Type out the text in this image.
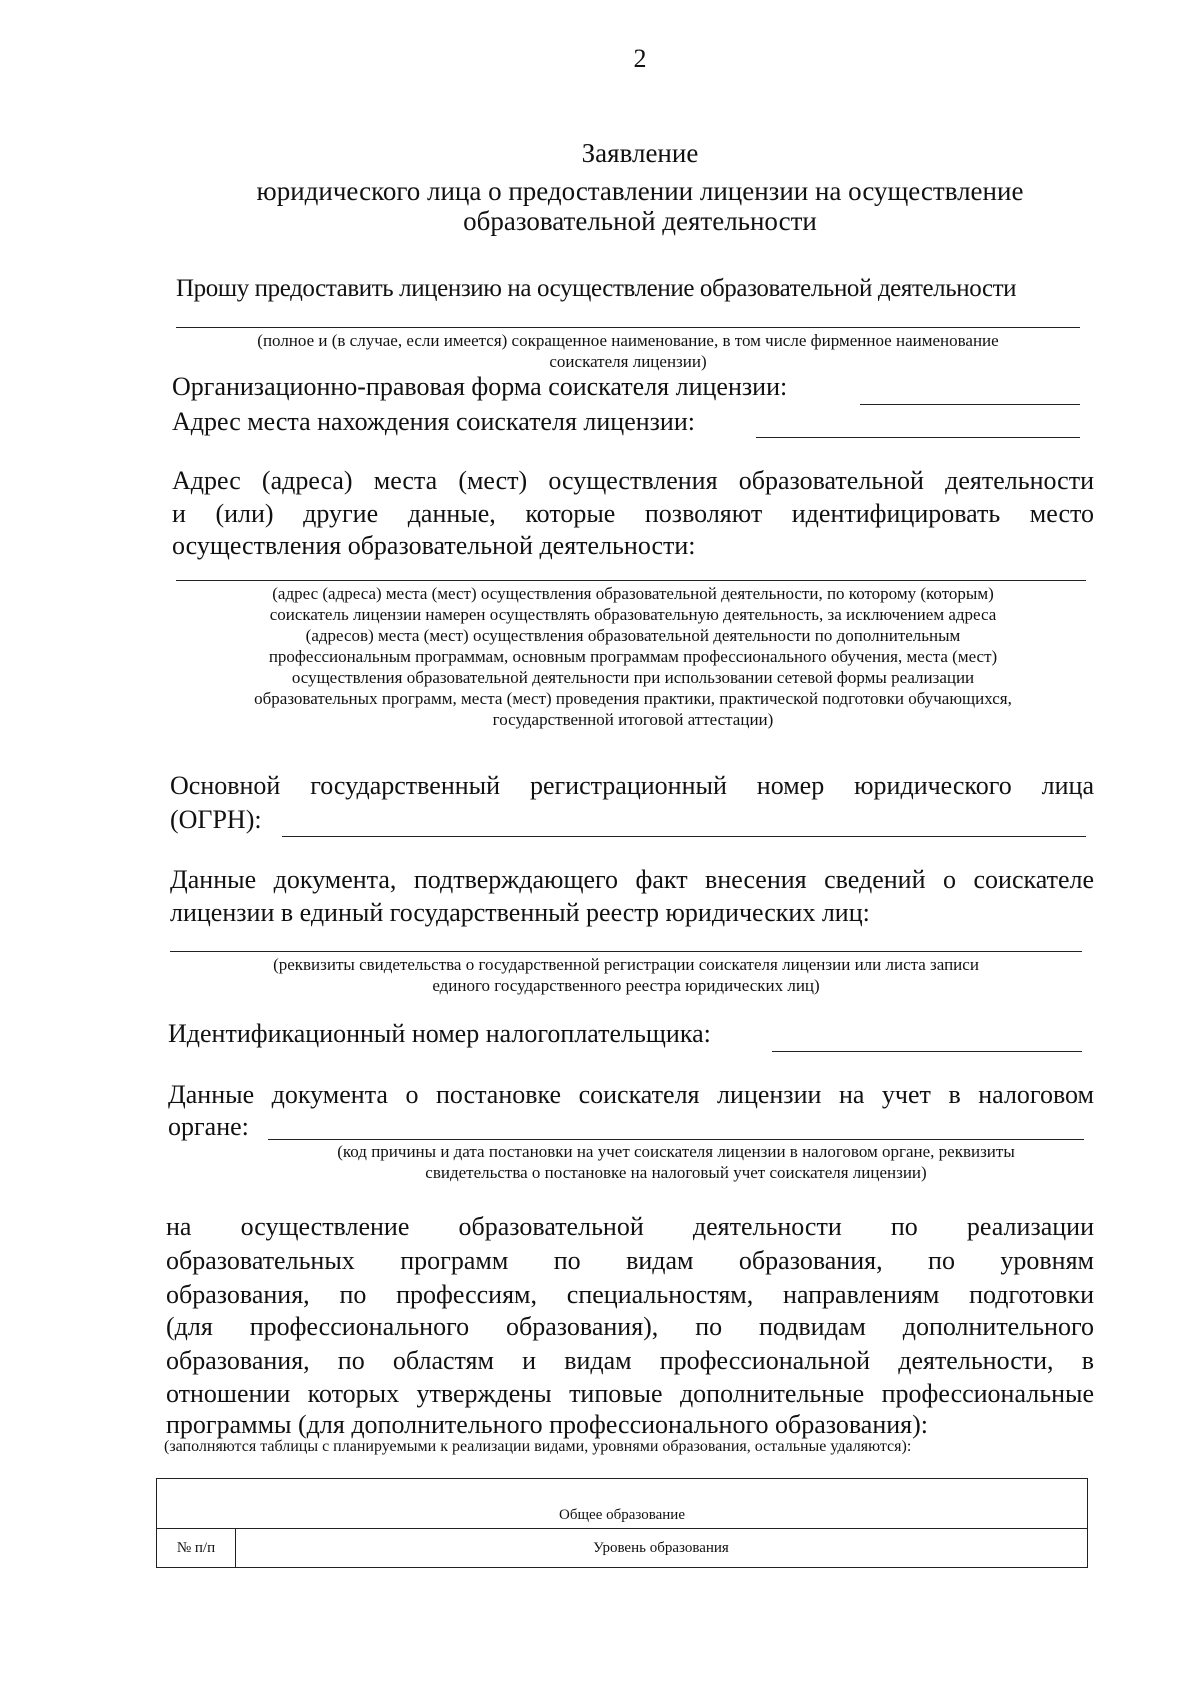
2
Заявление
юридического лица о предоставлении лицензии на осуществление
образовательной деятельности
Прошу предоставить лицензию на осуществление образовательной деятельности
(полное и (в случае, если имеется) сокращенное наименование, в том числе фирменное наименование
соискателя лицензии)
Организационно-правовая форма соискателя лицензии:
Адрес места нахождения соискателя лицензии:
Адрес (адреса) места (мест) осуществления образовательной деятельности
и (или) другие данные, которые позволяют идентифицировать место
осуществления образовательной деятельности:
(адрес (адреса) места (мест) осуществления образовательной деятельности, по которому (которым)
соискатель лицензии намерен осуществлять образовательную деятельность, за исключением адреса
(адресов) места (мест) осуществления образовательной деятельности по дополнительным
профессиональным программам, основным программам профессионального обучения, места (мест)
осуществления образовательной деятельности при использовании сетевой формы реализации
образовательных программ, места (мест) проведения практики, практической подготовки обучающихся,
государственной итоговой аттестации)
Основной государственный регистрационный номер юридического лица
(ОГРН):
Данные документа, подтверждающего факт внесения сведений о соискателе
лицензии в единый государственный реестр юридических лиц:
(реквизиты свидетельства о государственной регистрации соискателя лицензии или листа записи
единого государственного реестра юридических лиц)
Идентификационный номер налогоплательщика:
Данные документа о постановке соискателя лицензии на учет в налоговом
органе:
(код причины и дата постановки на учет соискателя лицензии в налоговом органе, реквизиты
свидетельства о постановке на налоговый учет соискателя лицензии)
на осуществление образовательной деятельности по реализации
образовательных программ по видам образования, по уровням
образования, по профессиям, специальностям, направлениям подготовки
(для профессионального образования), по подвидам дополнительного
образования, по областям и видам профессиональной деятельности, в
отношении которых утверждены типовые дополнительные профессиональные
программы (для дополнительного профессионального образования):
(заполняются таблицы с планируемыми к реализации видами, уровнями образования, остальные удаляются):
Общее образование
№ п/п	Уровень образования
